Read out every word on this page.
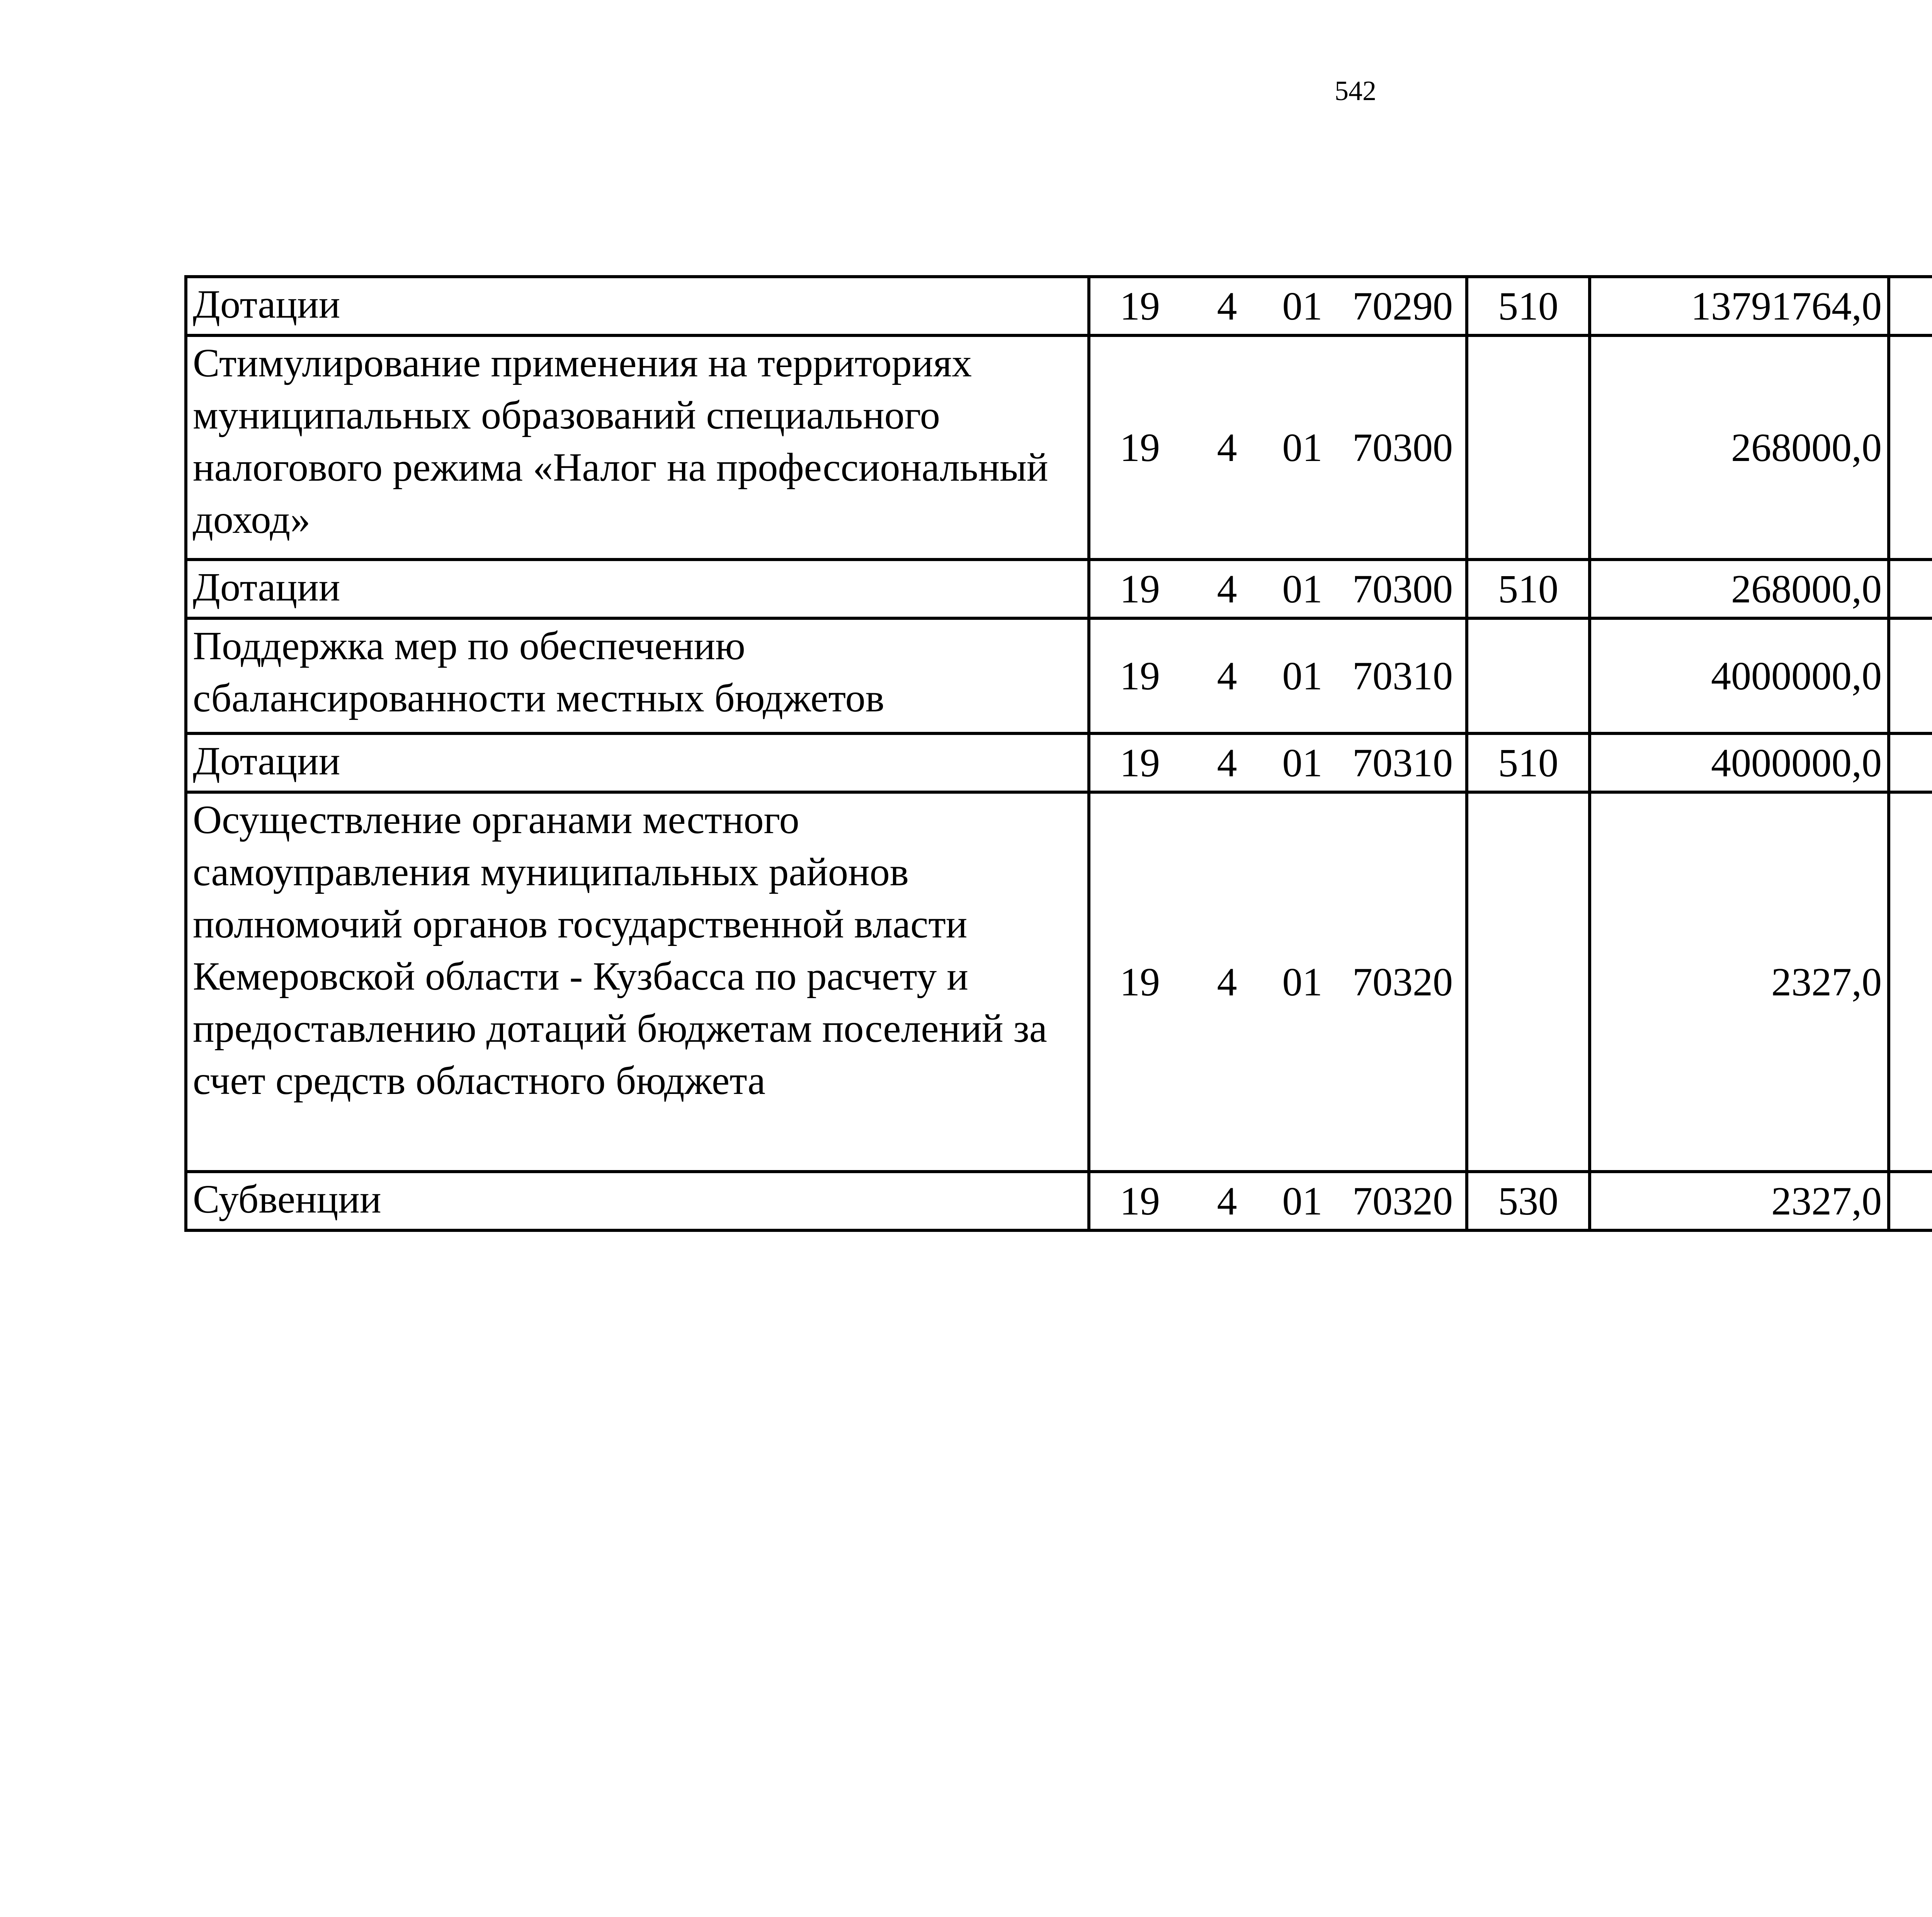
542
Дотации	19	4	01	70290	510	13791764,0		
Стимулирование применения на территориях муниципальных образований специального налогового режима «Налог на профессиональный доход»	19	4	01	70300		268000,0		
Дотации	19	4	01	70300	510	268000,0		
Поддержка мер по обеспечению сбалансированности местных бюджетов	19	4	01	70310		4000000,0		
Дотации	19	4	01	70310	510	4000000,0		
Осуществление органами местного самоуправления муниципальных районов полномочий органов государственной власти Кемеровской области - Кузбасса по расчету и предоставлению дотаций бюджетам поселений за счет средств областного бюджета	19	4	01	70320		2327,0		
Субвенции	19	4	01	70320	530	2327,0		
